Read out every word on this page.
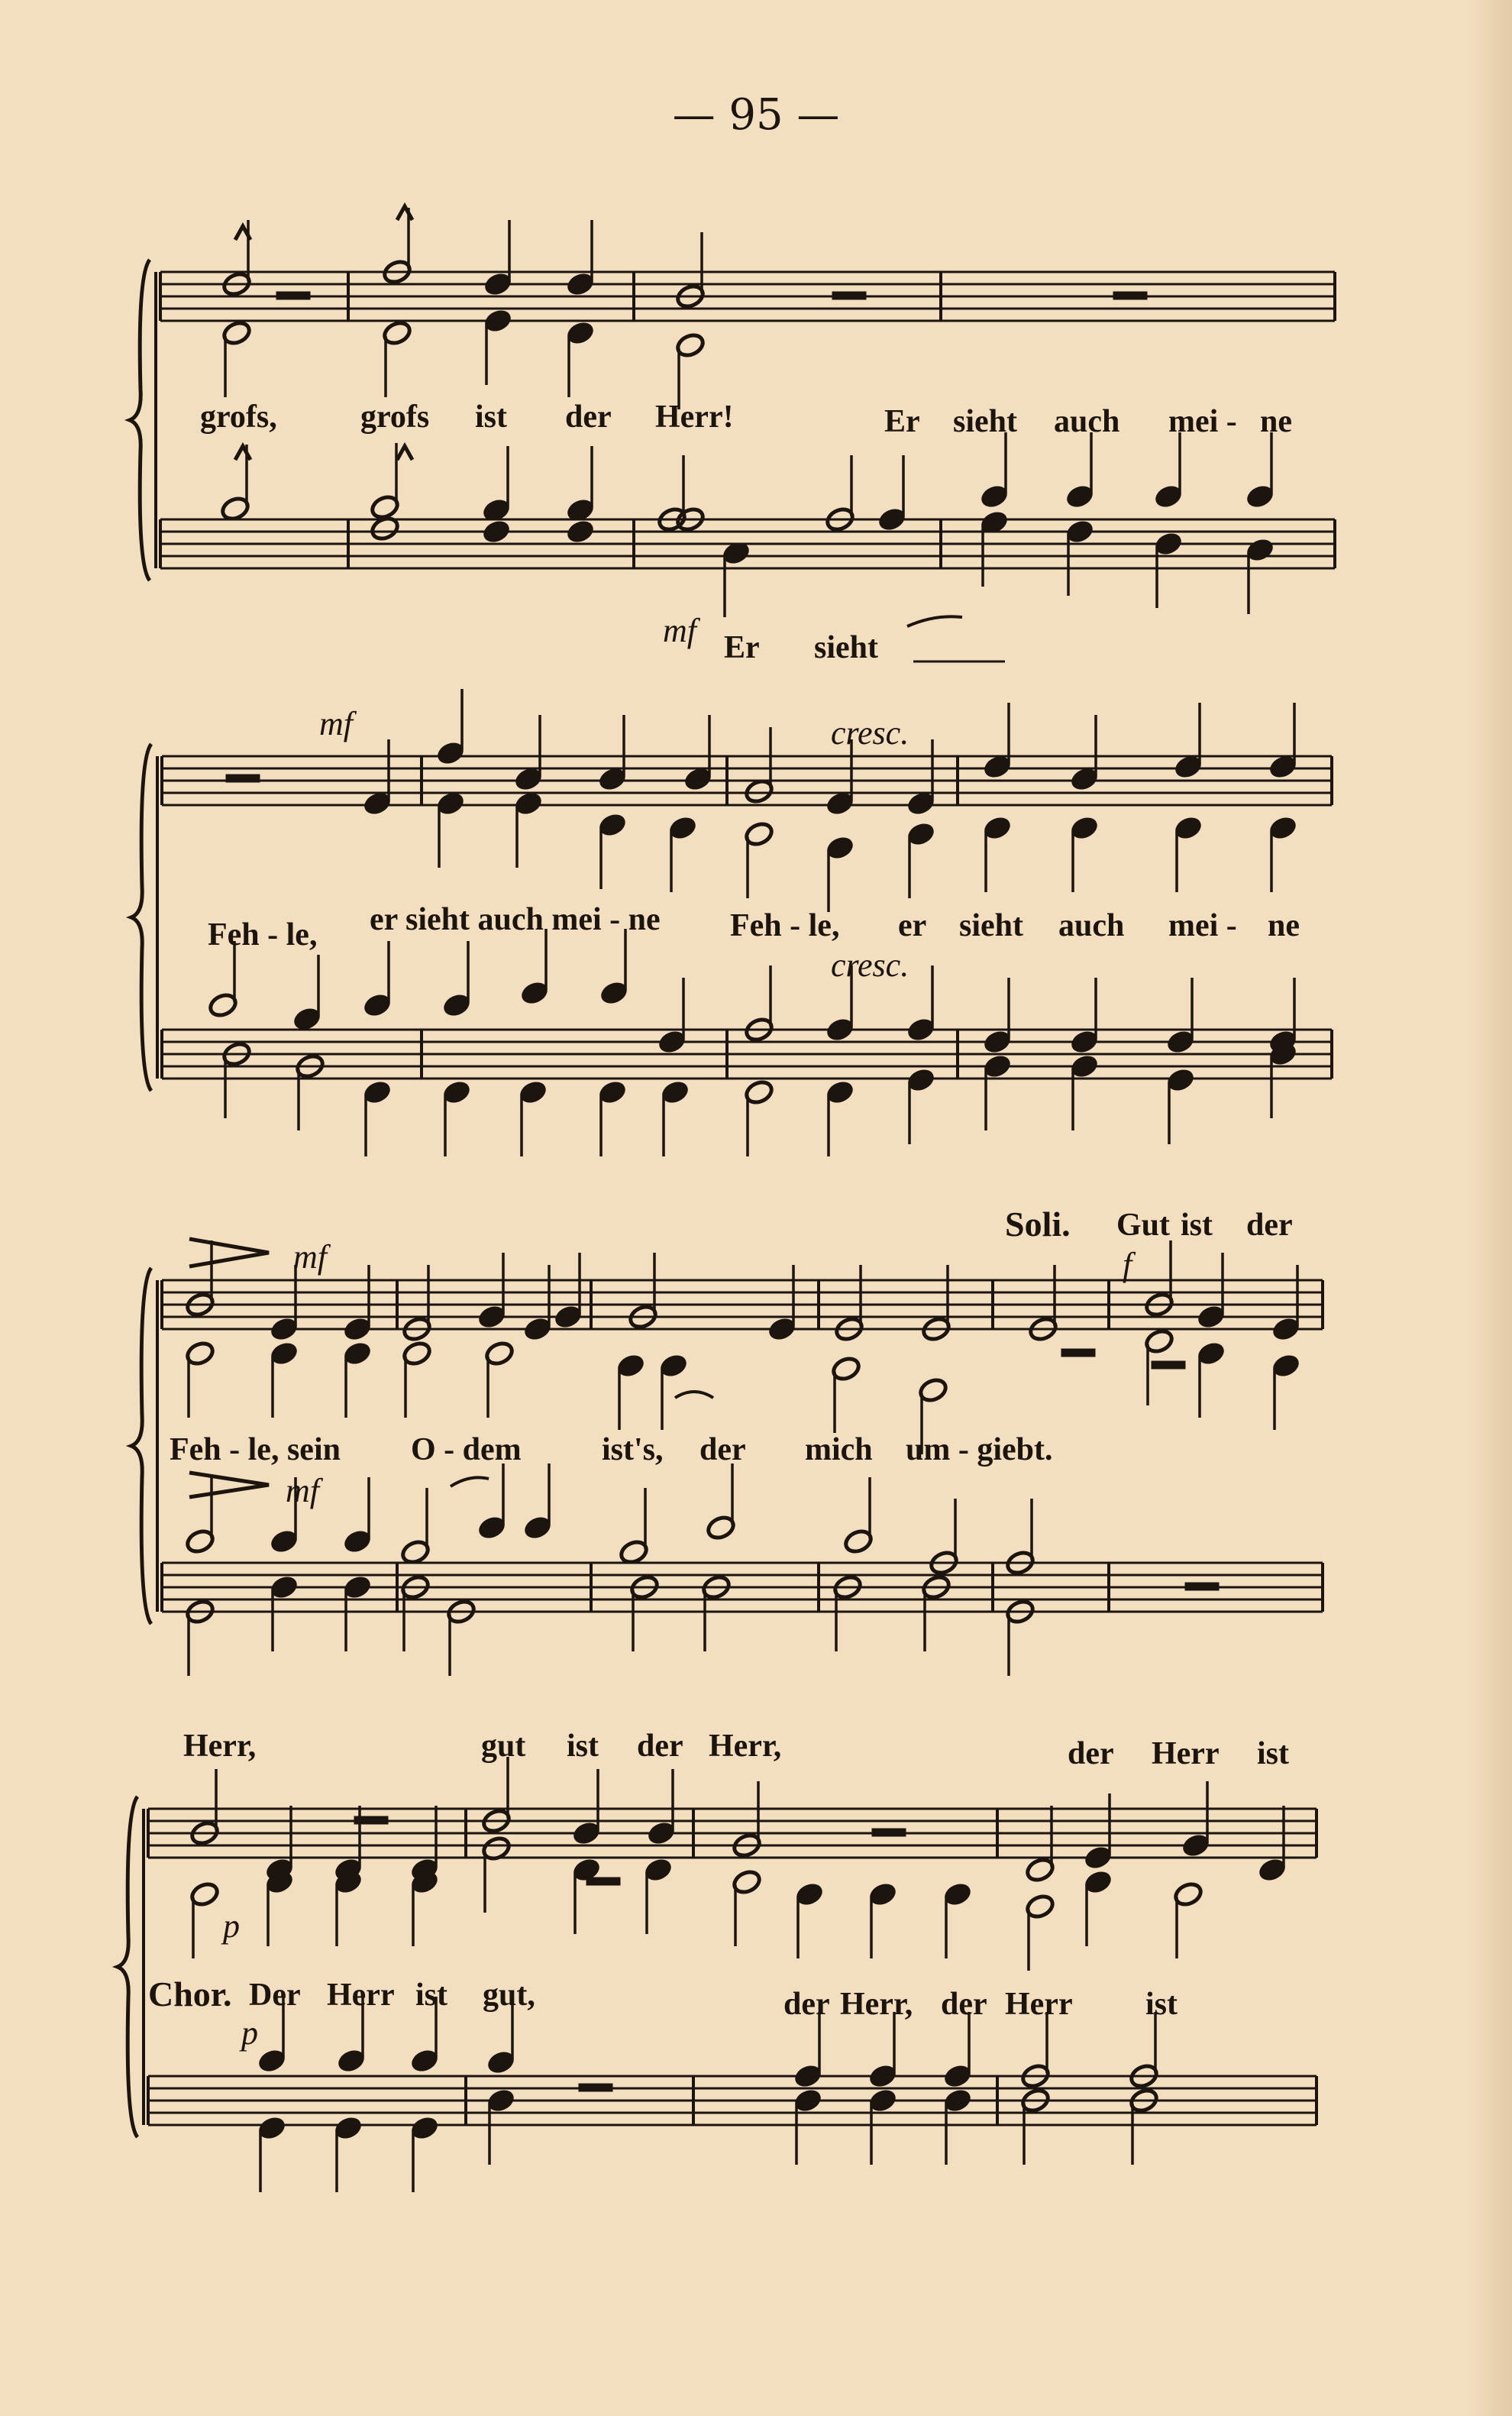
— 95 —
grofs,	grofs ist der Herr!	Er sieht auch mei - ne
mf Er sieht
mf	cresc.
Feh - le, er sieht auch mei - ne Feh - le, er sieht auch mei - ne
cresc.
Soli. Gut ist der
mf	f
Feh - le, sein O - dem	ist's, der mich um - giebt.
mf
Herr,	gut ist der Herr,	der Herr ist
p
Chor. Der Herr ist gut,	der Herr, der Herr ist
p
